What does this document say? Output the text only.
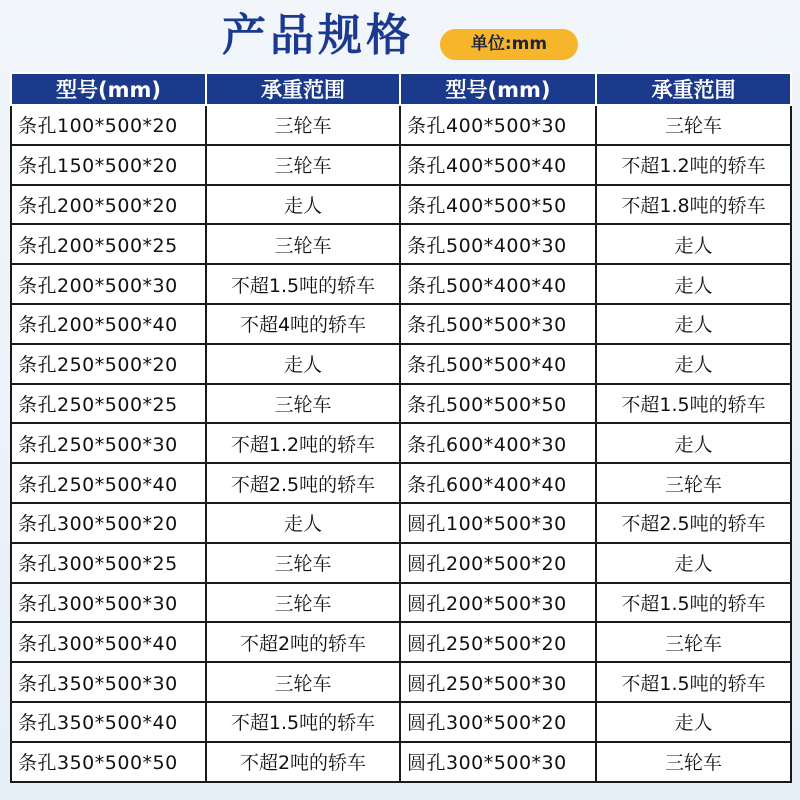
产品规格	单位:mm
型号(mm)	承重范围	型号(mm)	承重范围
条孔100*500*20	三轮车	条孔400*500*30	三轮车
条孔150*500*20	三轮车	条孔400*500*40	不超1.2吨的轿车
条孔200*500*20	走人	条孔400*500*50	不超1.8吨的轿车
条孔200*500*25	三轮车	条孔500*400*30	走人
条孔200*500*30	不超1.5吨的轿车	条孔500*400*40	走人
条孔200*500*40	不超4吨的轿车	条孔500*500*30	走人
条孔250*500*20	走人	条孔500*500*40	走人
条孔250*500*25	三轮车	条孔500*500*50	不超1.5吨的轿车
条孔250*500*30	不超1.2吨的轿车	条孔600*400*30	走人
条孔250*500*40	不超2.5吨的轿车	条孔600*400*40	三轮车
条孔300*500*20	走人	圆孔100*500*30	不超2.5吨的轿车
条孔300*500*25	三轮车	圆孔200*500*20	走人
条孔300*500*30	三轮车	圆孔200*500*30	不超1.5吨的轿车
条孔300*500*40	不超2吨的轿车	圆孔250*500*20	三轮车
条孔350*500*30	三轮车	圆孔250*500*30	不超1.5吨的轿车
条孔350*500*40	不超1.5吨的轿车	圆孔300*500*20	走人
条孔350*500*50	不超2吨的轿车	圆孔300*500*30	三轮车
